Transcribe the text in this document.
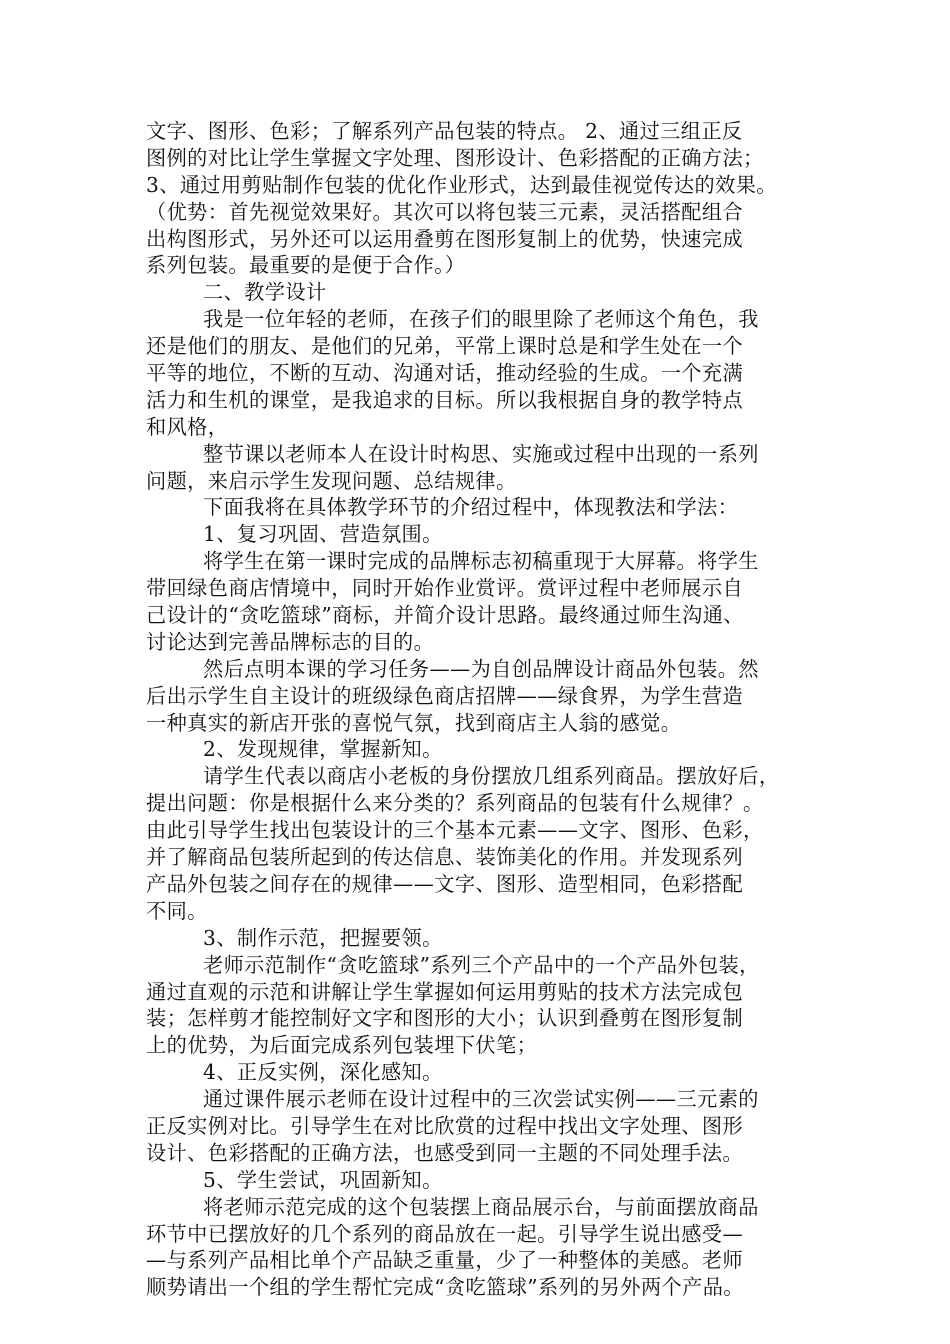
文字、图形、色彩；了解系列产品包装的特点。 2、通过三组正反
图例的对比让学生掌握文字处理、图形设计、色彩搭配的正确方法；
3、通过用剪贴制作包装的优化作业形式，达到最佳视觉传达的效果。
（优势：首先视觉效果好。其次可以将包装三元素，灵活搭配组合
出构图形式，另外还可以运用叠剪在图形复制上的优势，快速完成
系列包装。最重要的是便于合作。）
二、教学设计
我是一位年轻的老师，在孩子们的眼里除了老师这个角色，我
还是他们的朋友、是他们的兄弟，平常上课时总是和学生处在一个
平等的地位，不断的互动、沟通对话，推动经验的生成。一个充满
活力和生机的课堂，是我追求的目标。所以我根据自身的教学特点
和风格，
整节课以老师本人在设计时构思、实施或过程中出现的一系列
问题，来启示学生发现问题、总结规律。
下面我将在具体教学环节的介绍过程中，体现教法和学法：
1、复习巩固、营造氛围。
将学生在第一课时完成的品牌标志初稿重现于大屏幕。将学生
带回绿色商店情境中，同时开始作业赏评。赏评过程中老师展示自
己设计的“贪吃篮球”商标，并简介设计思路。最终通过师生沟通、
讨论达到完善品牌标志的目的。
然后点明本课的学习任务——为自创品牌设计商品外包装。然
后出示学生自主设计的班级绿色商店招牌——绿食界，为学生营造
一种真实的新店开张的喜悦气氛，找到商店主人翁的感觉。
2、发现规律，掌握新知。
请学生代表以商店小老板的身份摆放几组系列商品。摆放好后，
提出问题：你是根据什么来分类的？系列商品的包装有什么规律？。
由此引导学生找出包装设计的三个基本元素——文字、图形、色彩，
并了解商品包装所起到的传达信息、装饰美化的作用。并发现系列
产品外包装之间存在的规律——文字、图形、造型相同，色彩搭配
不同。
3、制作示范，把握要领。
老师示范制作“贪吃篮球”系列三个产品中的一个产品外包装，
通过直观的示范和讲解让学生掌握如何运用剪贴的技术方法完成包
装；怎样剪才能控制好文字和图形的大小；认识到叠剪在图形复制
上的优势，为后面完成系列包装埋下伏笔；
4、正反实例，深化感知。
通过课件展示老师在设计过程中的三次尝试实例——三元素的
正反实例对比。引导学生在对比欣赏的过程中找出文字处理、图形
设计、色彩搭配的正确方法，也感受到同一主题的不同处理手法。
5、学生尝试，巩固新知。
将老师示范完成的这个包装摆上商品展示台，与前面摆放商品
环节中已摆放好的几个系列的商品放在一起。引导学生说出感受—
—与系列产品相比单个产品缺乏重量，少了一种整体的美感。老师
顺势请出一个组的学生帮忙完成“贪吃篮球”系列的另外两个产品。
